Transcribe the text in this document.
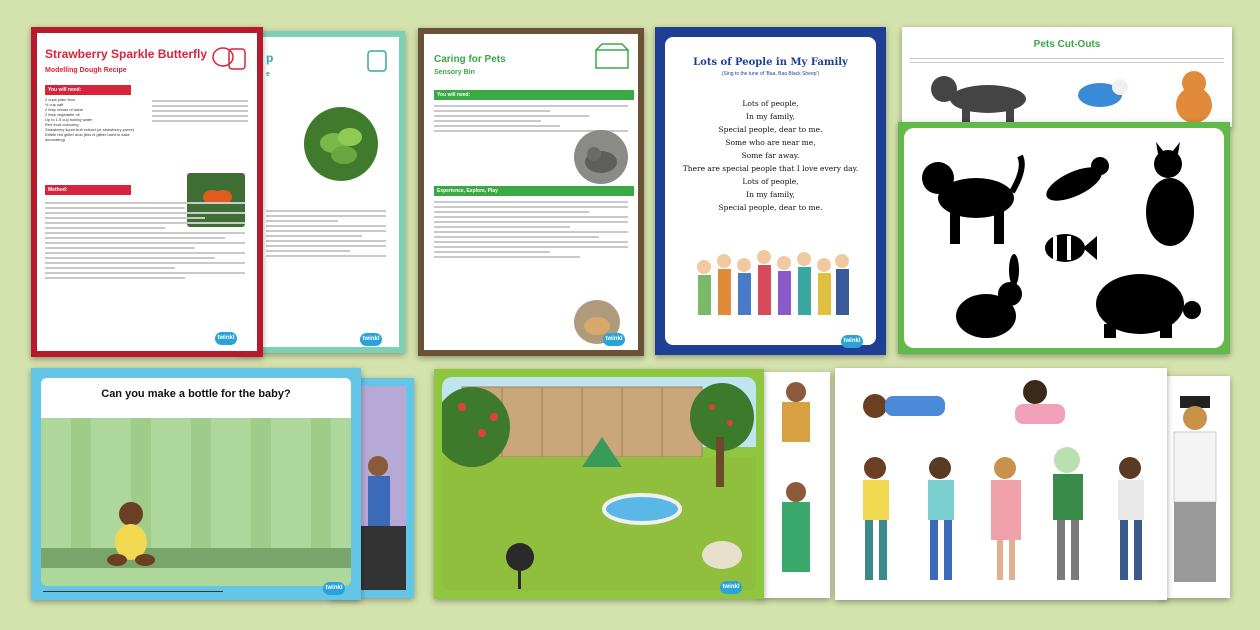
Strawberry Sparkle Butterfly
Modelling Dough Recipe
You will need:
2 cups plain flour
½ cup salt
2 tbsp cream of tartar
2 tbsp vegetable oil
Up to 1.5 cup boiling water
Red food colouring
Strawberry liquid fruit extract (or strawberry puree)
Edible red glitter dust (this is glitter used in cake decorating)
Method:
twinkl
p
e
twinkl
Caring for Pets
Sensory Bin
You will need:
Experience, Explore, Play
twinkl
Lots of People in My Family
(Sing to the tune of 'Baa, Baa Black Sheep')
Lots of people,
In my family,
Special people, dear to me.
Some who are near me,
Some far away.
There are special people that I love every day.
Lots of people,
In my family,
Special people, dear to me.
twinkl
Pets Cut-Outs
Can you make a bottle for the baby?
twinkl	twinkl
